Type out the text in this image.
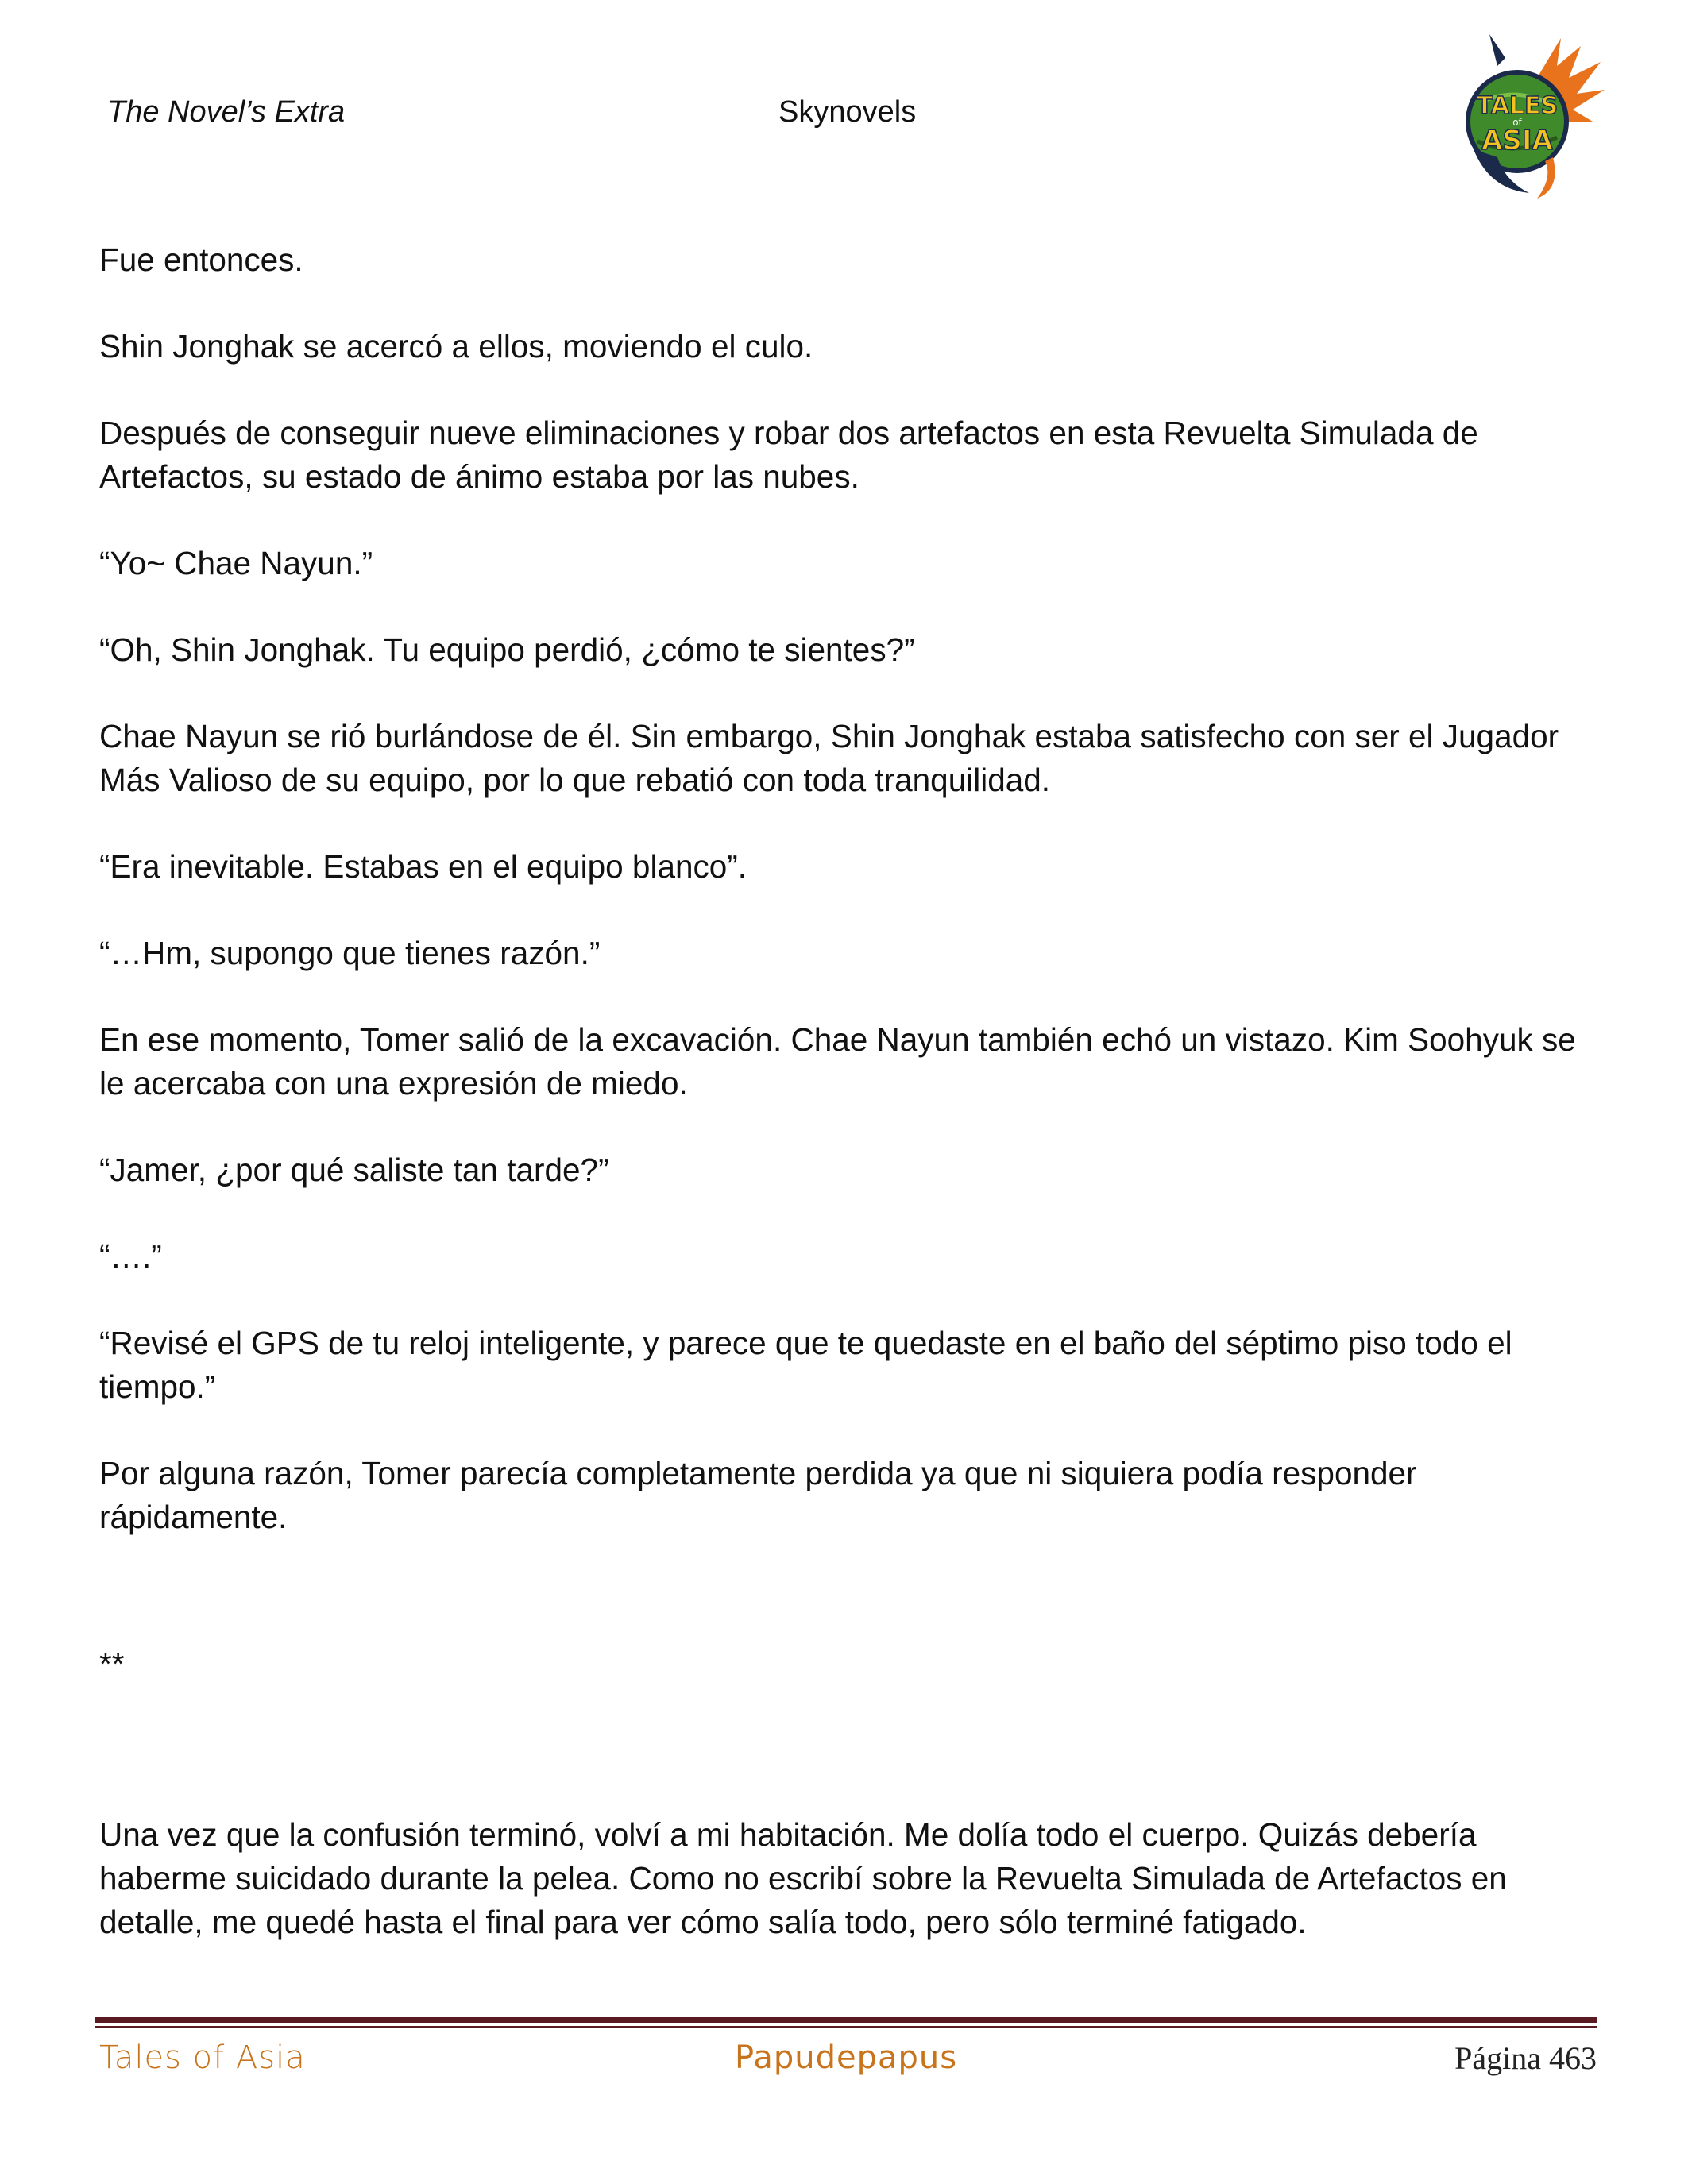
The Novel’s Extra	Skynovels	TALES
of
ASIA

Fue entonces.

Shin Jonghak se acercó a ellos, moviendo el culo.

Después de conseguir nueve eliminaciones y robar dos artefactos en esta Revuelta Simulada de Artefactos, su estado de ánimo estaba por las nubes.

“Yo~ Chae Nayun.”

“Oh, Shin Jonghak. Tu equipo perdió, ¿cómo te sientes?”

Chae Nayun se rió burlándose de él. Sin embargo, Shin Jonghak estaba satisfecho con ser el Jugador Más Valioso de su equipo, por lo que rebatió con toda tranquilidad.

“Era inevitable. Estabas en el equipo blanco”.

“…Hm, supongo que tienes razón.”

En ese momento, Tomer salió de la excavación. Chae Nayun también echó un vistazo. Kim Soohyuk se le acercaba con una expresión de miedo.

“Jamer, ¿por qué saliste tan tarde?”

“….”

“Revisé el GPS de tu reloj inteligente, y parece que te quedaste en el baño del séptimo piso todo el tiempo.”

Por alguna razón, Tomer parecía completamente perdida ya que ni siquiera podía responder rápidamente.

**

Una vez que la confusión terminó, volví a mi habitación. Me dolía todo el cuerpo. Quizás debería haberme suicidado durante la pelea. Como no escribí sobre la Revuelta Simulada de Artefactos en detalle, me quedé hasta el final para ver cómo salía todo, pero sólo terminé fatigado.

Tales of Asia	Papudepapus	Página 463
